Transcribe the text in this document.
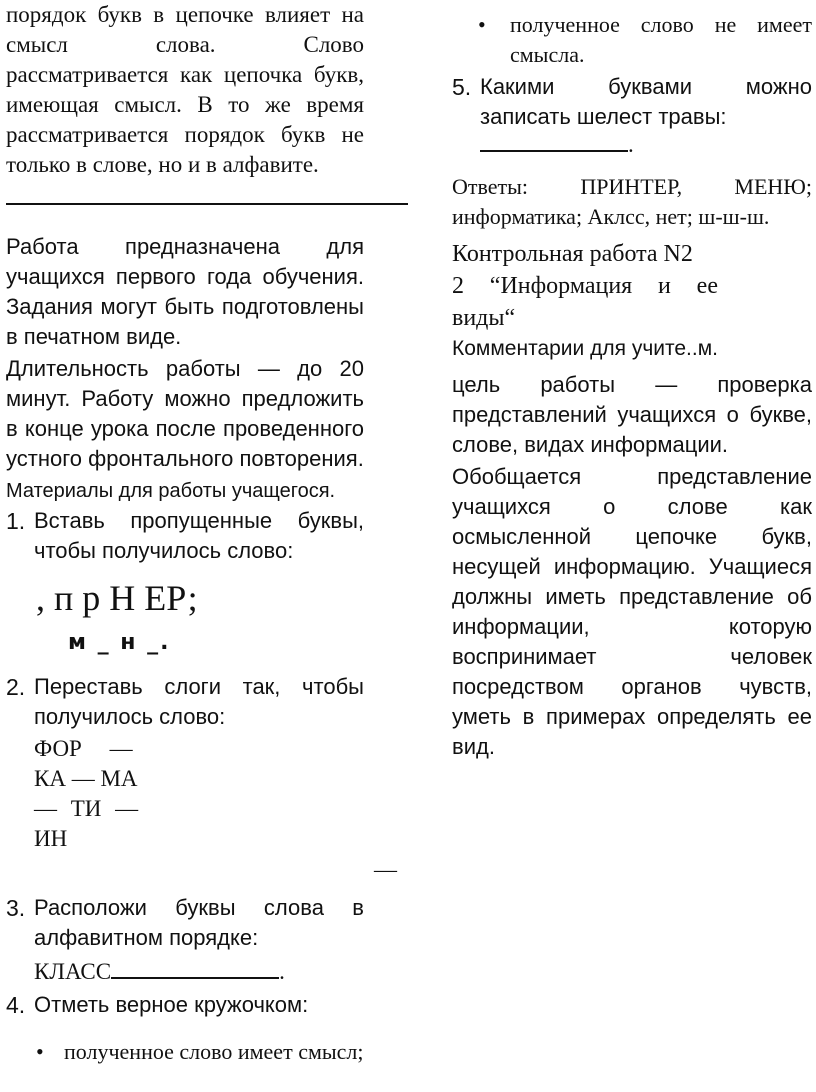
порядок букв в цепочке влияет на смысл слова. Слово рассматривается как цепочка букв, имеющая смысл. В то же время рассматривается порядок букв не только в слове, но и в алфавите.

Работа предназначена для учащихся первого года обучения. Задания могут быть подготовлены в печатном виде.

Длительность работы — до 20 минут. Работу можно предложить в конце урока после проведенного устного фронтального повторения.

Материалы для работы учащегося.

1. Вставь пропущенные буквы, чтобы получилось слово:

, п р Н ЕР;
м _ н _.
2. Переставь слоги так, чтобы получилось слово:

ФОР —
КА — МА
— ТИ —
ИН
—
3. Расположи буквы слова в алфавитном порядке:

КЛАСС	.
4. Отметь верное кружочком:

• полученное слово имеет смысл;

• полученное слово не имеет смысла.

5. Какими буквами можно записать шелест травы:

.

Ответы: ПРИНТЕР, МЕНЮ; информатика; Аклсс, нет; ш-ш-ш.

Контрольная работа N2
2 “Информация и ее
виды“

Комментарии для учите..м.

цель работы — проверка представлений учащихся о букве, слове, видах информации.

Обобщается представление учащихся о слове как осмысленной цепочке букв, несущей информацию. Учащиеся должны иметь представление об информации, которую воспринимает человек посредством органов чувств, уметь в примерах определять ее вид.
